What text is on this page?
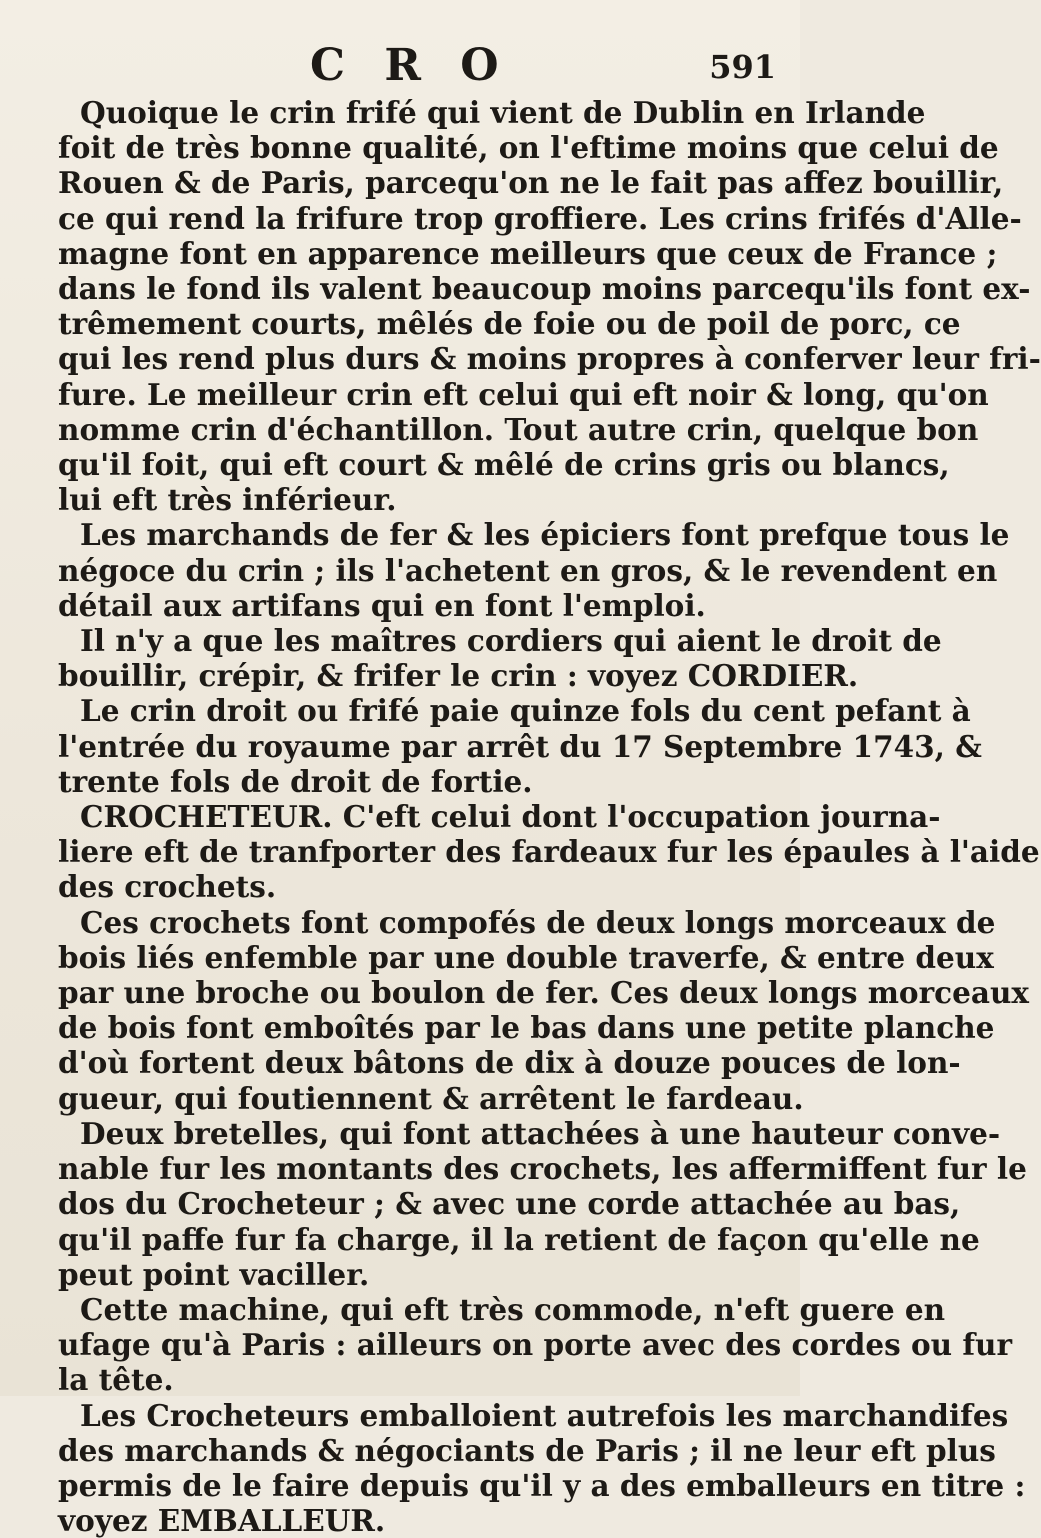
C R O	591
Quoique le crin frifé qui vient de Dublin en Irlande
foit de très bonne qualité, on l'eftime moins que celui de
Rouen & de Paris, parcequ'on ne le fait pas affez bouillir,
ce qui rend la frifure trop groffiere. Les crins frifés d'Alle-
magne font en apparence meilleurs que ceux de France ;
dans le fond ils valent beaucoup moins parcequ'ils font ex-
trêmement courts, mêlés de foie ou de poil de porc, ce
qui les rend plus durs & moins propres à conferver leur fri-
fure. Le meilleur crin eft celui qui eft noir & long, qu'on
nomme crin d'échantillon. Tout autre crin, quelque bon
qu'il foit, qui eft court & mêlé de crins gris ou blancs,
lui eft très inférieur.
Les marchands de fer & les épiciers font prefque tous le
négoce du crin ; ils l'achetent en gros, & le revendent en
détail aux artifans qui en font l'emploi.
Il n'y a que les maîtres cordiers qui aient le droit de
bouillir, crépir, & frifer le crin : voyez CORDIER.
Le crin droit ou frifé paie quinze fols du cent pefant à
l'entrée du royaume par arrêt du 17 Septembre 1743, &
trente fols de droit de fortie.
CROCHETEUR. C'eft celui dont l'occupation journa-
liere eft de tranfporter des fardeaux fur les épaules à l'aide
des crochets.
Ces crochets font compofés de deux longs morceaux de
bois liés enfemble par une double traverfe, & entre deux
par une broche ou boulon de fer. Ces deux longs morceaux
de bois font emboîtés par le bas dans une petite planche
d'où fortent deux bâtons de dix à douze pouces de lon-
gueur, qui foutiennent & arrêtent le fardeau.
Deux bretelles, qui font attachées à une hauteur conve-
nable fur les montants des crochets, les affermiffent fur le
dos du Crocheteur ; & avec une corde attachée au bas,
qu'il paffe fur fa charge, il la retient de façon qu'elle ne
peut point vaciller.
Cette machine, qui eft très commode, n'eft guere en
ufage qu'à Paris : ailleurs on porte avec des cordes ou fur
la tête.
Les Crocheteurs emballoient autrefois les marchandifes
des marchands & négociants de Paris ; il ne leur eft plus
permis de le faire depuis qu'il y a des emballeurs en titre :
voyez EMBALLEUR.
